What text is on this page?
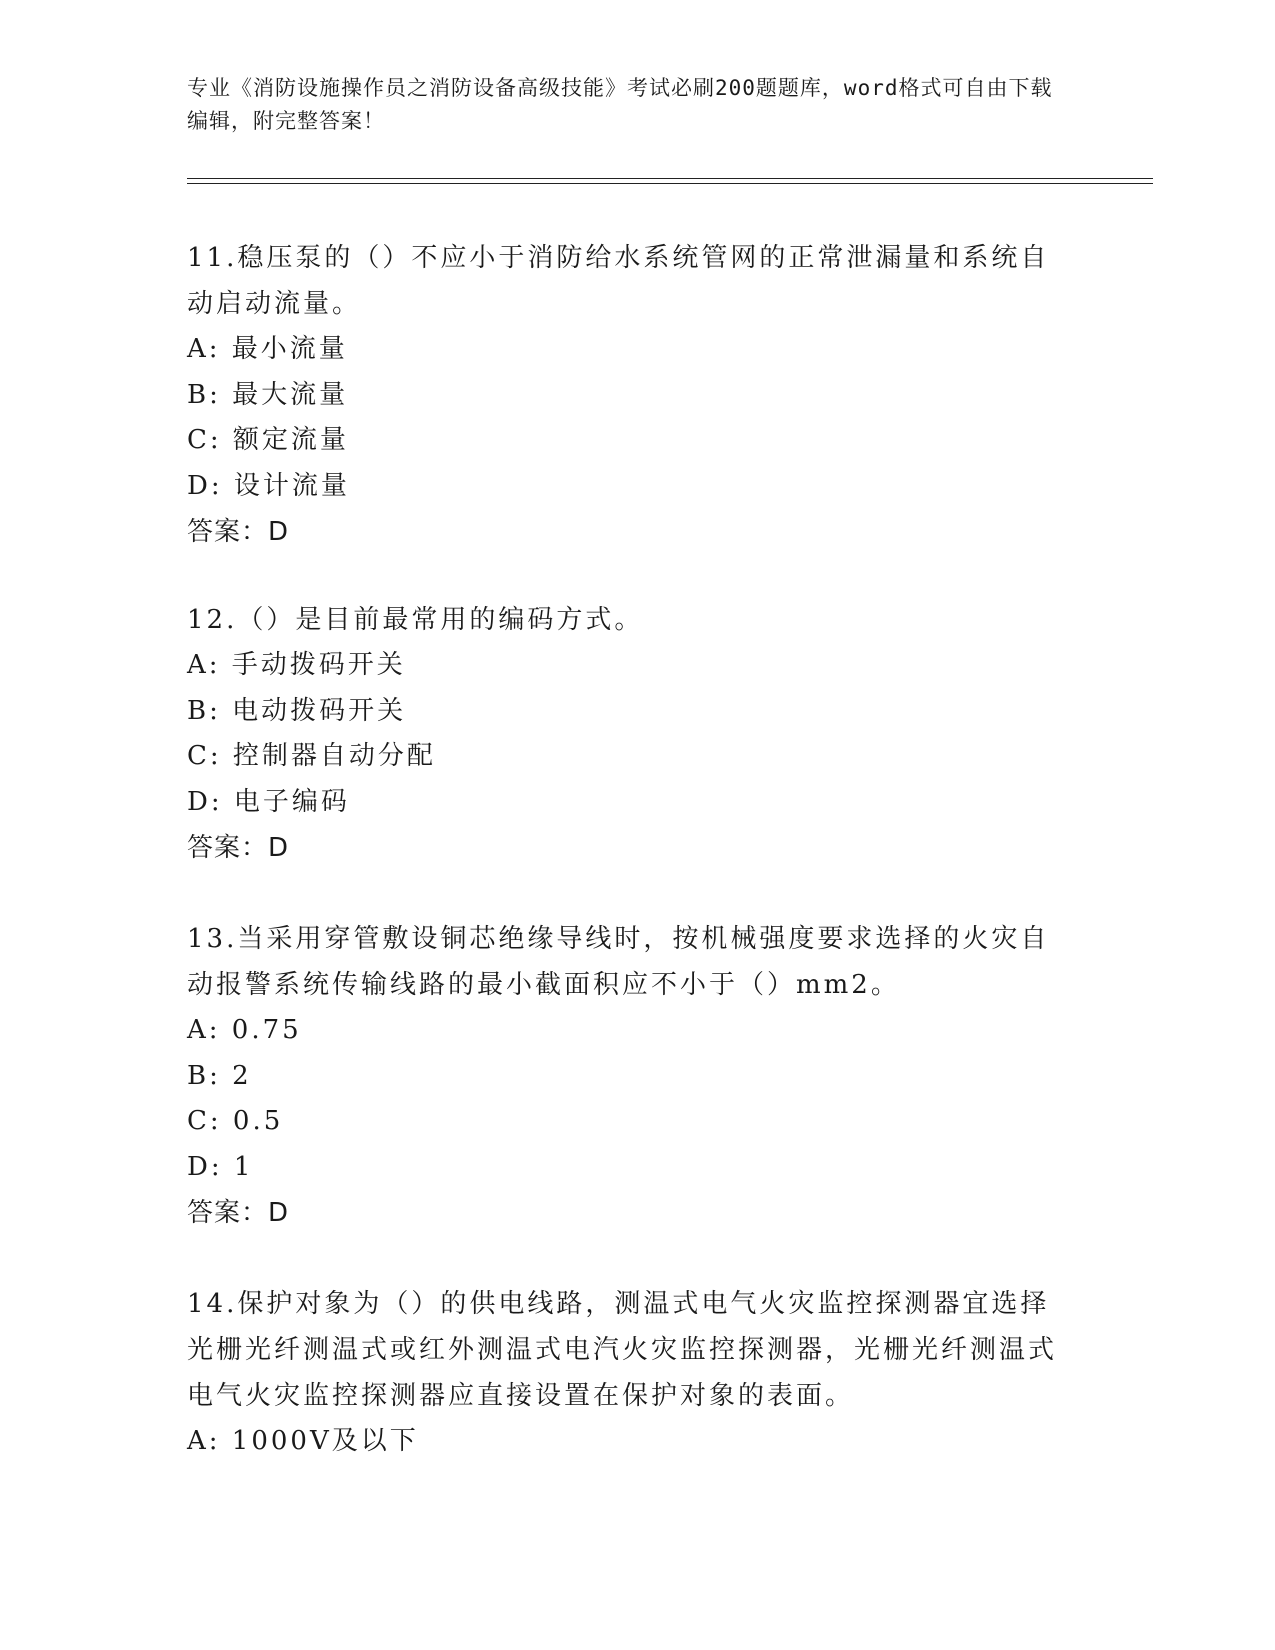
专业《消防设施操作员之消防设备高级技能》考试必刷200题题库，word格式可自由下载编辑，附完整答案！

11.稳压泵的（）不应小于消防给水系统管网的正常泄漏量和系统自动启动流量。

A: 最小流量

B: 最大流量

C: 额定流量

D: 设计流量

答案：D

12.（）是目前最常用的编码方式。

A: 手动拨码开关

B: 电动拨码开关

C: 控制器自动分配

D: 电子编码

答案：D

13.当采用穿管敷设铜芯绝缘导线时，按机械强度要求选择的火灾自动报警系统传输线路的最小截面积应不小于（）mm2。

A: 0.75

B: 2

C: 0.5

D: 1

答案：D

14.保护对象为（）的供电线路，测温式电气火灾监控探测器宜选择光栅光纤测温式或红外测温式电汽火灾监控探测器，光栅光纤测温式电气火灾监控探测器应直接设置在保护对象的表面。

A: 1000V及以下
